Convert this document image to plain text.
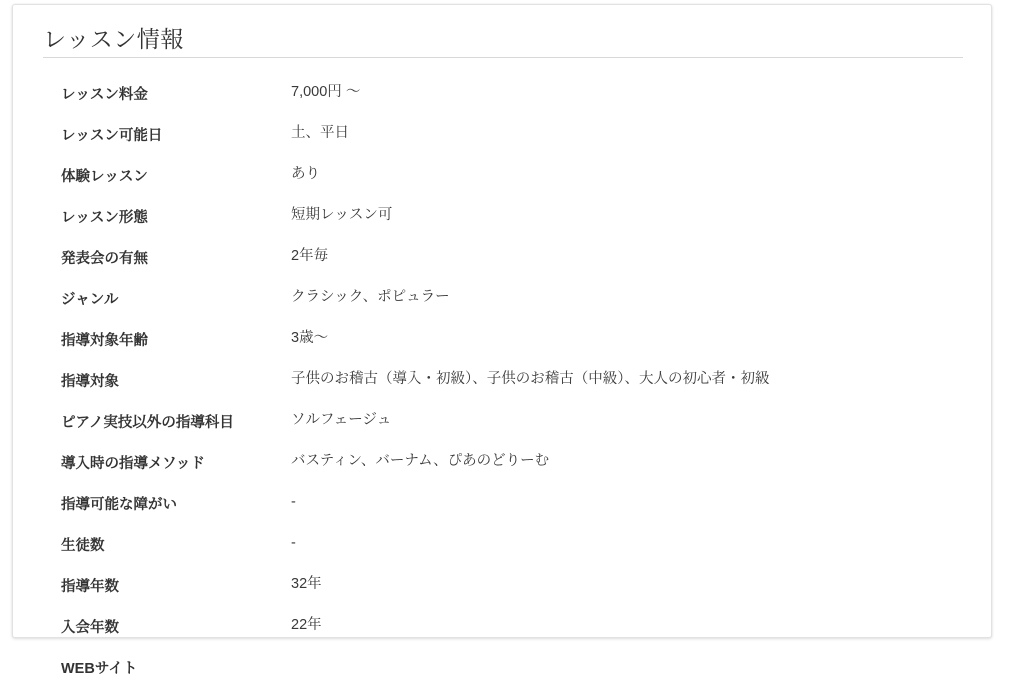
レッスン情報
レッスン料金	7,000円 〜
レッスン可能日	土、平日
体験レッスン	あり
レッスン形態	短期レッスン可
発表会の有無	2年毎
ジャンル	クラシック、ポピュラー
指導対象年齢	3歳〜
指導対象	子供のお稽古（導入・初級）、子供のお稽古（中級）、大人の初心者・初級
ピアノ実技以外の指導科目	ソルフェージュ
導入時の指導メソッド	バスティン、バーナム、ぴあのどりーむ
指導可能な障がい	-
生徒数	-
指導年数	32年
入会年数	22年
WEBサイト	
